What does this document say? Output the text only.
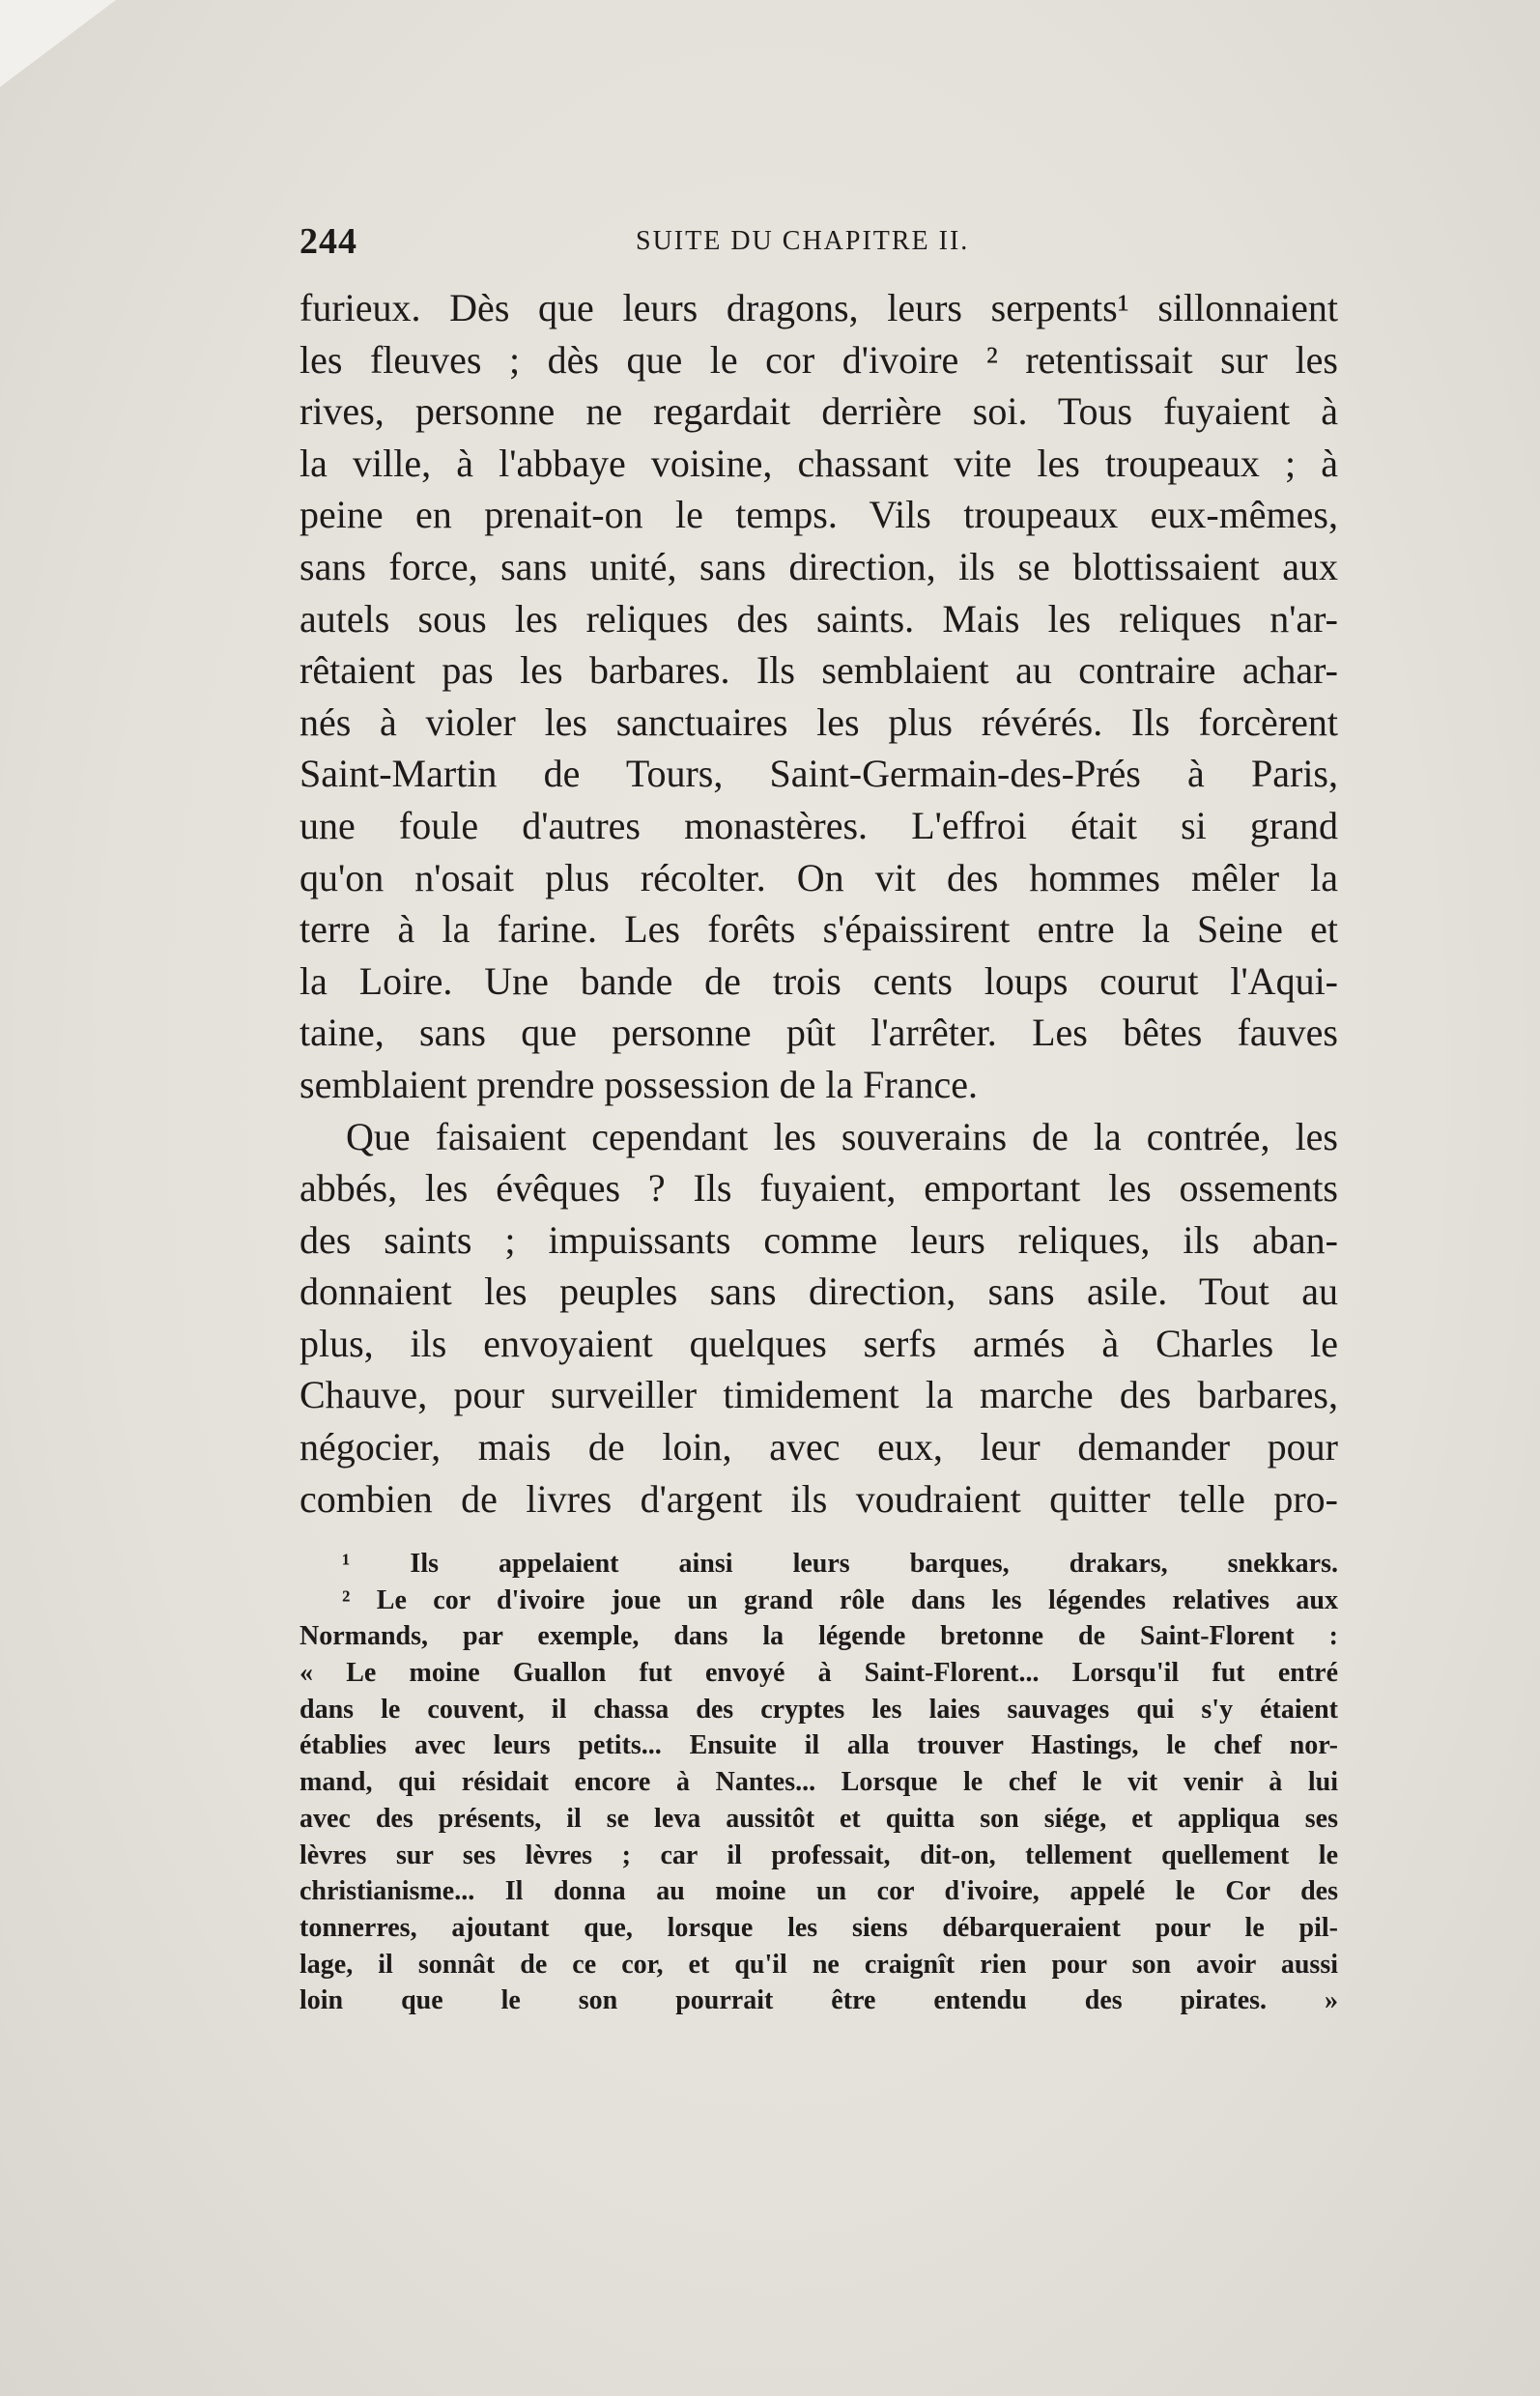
244	SUITE DU CHAPITRE II.
furieux. Dès que leurs dragons, leurs serpents¹ sillonnaient
les fleuves ; dès que le cor d'ivoire ² retentissait sur les
rives, personne ne regardait derrière soi. Tous fuyaient à
la ville, à l'abbaye voisine, chassant vite les troupeaux ; à
peine en prenait-on le temps. Vils troupeaux eux-mêmes,
sans force, sans unité, sans direction, ils se blottissaient aux
autels sous les reliques des saints. Mais les reliques n'ar-
rêtaient pas les barbares. Ils semblaient au contraire achar-
nés à violer les sanctuaires les plus révérés. Ils forcèrent
Saint-Martin de Tours, Saint-Germain-des-Prés à Paris,
une foule d'autres monastères. L'effroi était si grand
qu'on n'osait plus récolter. On vit des hommes mêler la
terre à la farine. Les forêts s'épaissirent entre la Seine et
la Loire. Une bande de trois cents loups courut l'Aqui-
taine, sans que personne pût l'arrêter. Les bêtes fauves
semblaient prendre possession de la France.
Que faisaient cependant les souverains de la contrée, les
abbés, les évêques ? Ils fuyaient, emportant les ossements
des saints ; impuissants comme leurs reliques, ils aban-
donnaient les peuples sans direction, sans asile. Tout au
plus, ils envoyaient quelques serfs armés à Charles le
Chauve, pour surveiller timidement la marche des barbares,
négocier, mais de loin, avec eux, leur demander pour
combien de livres d'argent ils voudraient quitter telle pro-
¹ Ils appelaient ainsi leurs barques, drakars, snekkars.
² Le cor d'ivoire joue un grand rôle dans les légendes relatives aux
Normands, par exemple, dans la légende bretonne de Saint-Florent :
« Le moine Guallon fut envoyé à Saint-Florent... Lorsqu'il fut entré
dans le couvent, il chassa des cryptes les laies sauvages qui s'y étaient
établies avec leurs petits... Ensuite il alla trouver Hastings, le chef nor-
mand, qui résidait encore à Nantes... Lorsque le chef le vit venir à lui
avec des présents, il se leva aussitôt et quitta son siége, et appliqua ses
lèvres sur ses lèvres ; car il professait, dit-on, tellement quellement le
christianisme... Il donna au moine un cor d'ivoire, appelé le Cor des
tonnerres, ajoutant que, lorsque les siens débarqueraient pour le pil-
lage, il sonnât de ce cor, et qu'il ne craignît rien pour son avoir aussi
loin que le son pourrait être entendu des pirates. »
